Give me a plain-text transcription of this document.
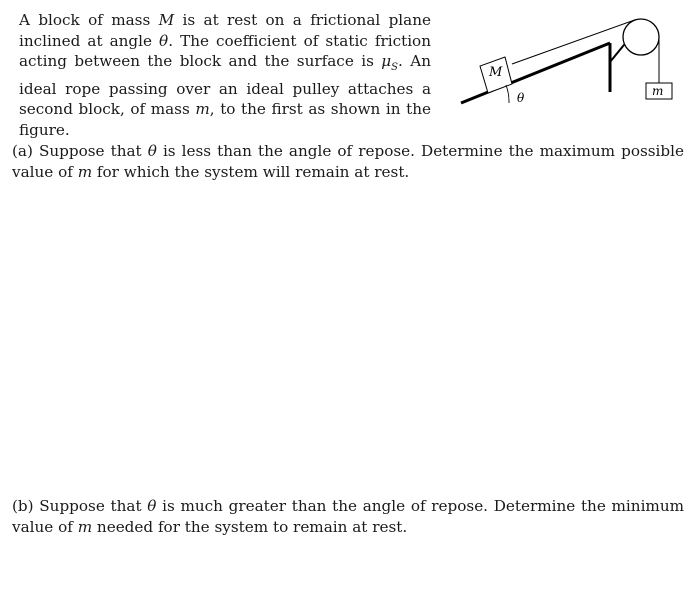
A block of mass M is at rest on a frictional plane inclined at angle θ. The coefficient of static friction acting between the block and the surface is $\mu_S$. An ideal rope passing over an ideal pulley attaches a second block, of mass m, to the first as shown in the figure.

M
m
θ

(a) Suppose that θ is less than the angle of repose. Determine the maximum possible value of m for which the system will remain at rest.

(b) Suppose that θ is much greater than the angle of repose. Determine the minimum value of m needed for the system to remain at rest.
